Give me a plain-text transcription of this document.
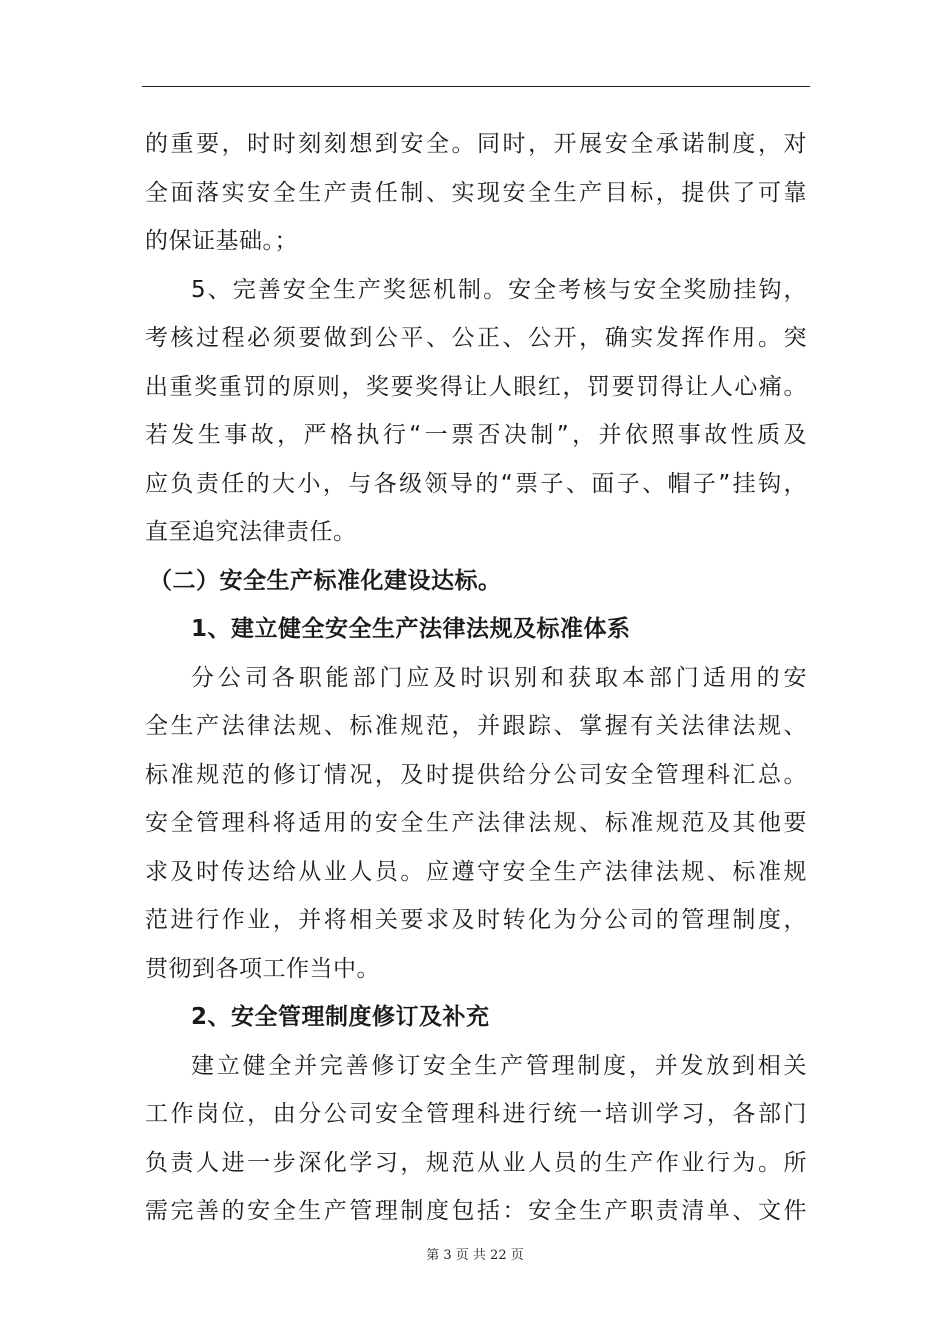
的重要，时时刻刻想到安全。同时，开展安全承诺制度，对
全面落实安全生产责任制、实现安全生产目标，提供了可靠
的保证基础。；
5、完善安全生产奖惩机制。安全考核与安全奖励挂钩，
考核过程必须要做到公平、公正、公开，确实发挥作用。突
出重奖重罚的原则，奖要奖得让人眼红，罚要罚得让人心痛。
若发生事故，严格执行“一票否决制”，并依照事故性质及
应负责任的大小，与各级领导的“票子、面子、帽子”挂钩，
直至追究法律责任。
（二）安全生产标准化建设达标。
1、建立健全安全生产法律法规及标准体系
分公司各职能部门应及时识别和获取本部门适用的安
全生产法律法规、标准规范，并跟踪、掌握有关法律法规、
标准规范的修订情况，及时提供给分公司安全管理科汇总。
安全管理科将适用的安全生产法律法规、标准规范及其他要
求及时传达给从业人员。应遵守安全生产法律法规、标准规
范进行作业，并将相关要求及时转化为分公司的管理制度，
贯彻到各项工作当中。
2、安全管理制度修订及补充
建立健全并完善修订安全生产管理制度，并发放到相关
工作岗位，由分公司安全管理科进行统一培训学习，各部门
负责人进一步深化学习，规范从业人员的生产作业行为。所
需完善的安全生产管理制度包括：安全生产职责清单、文件
第 3 页 共 22 页
